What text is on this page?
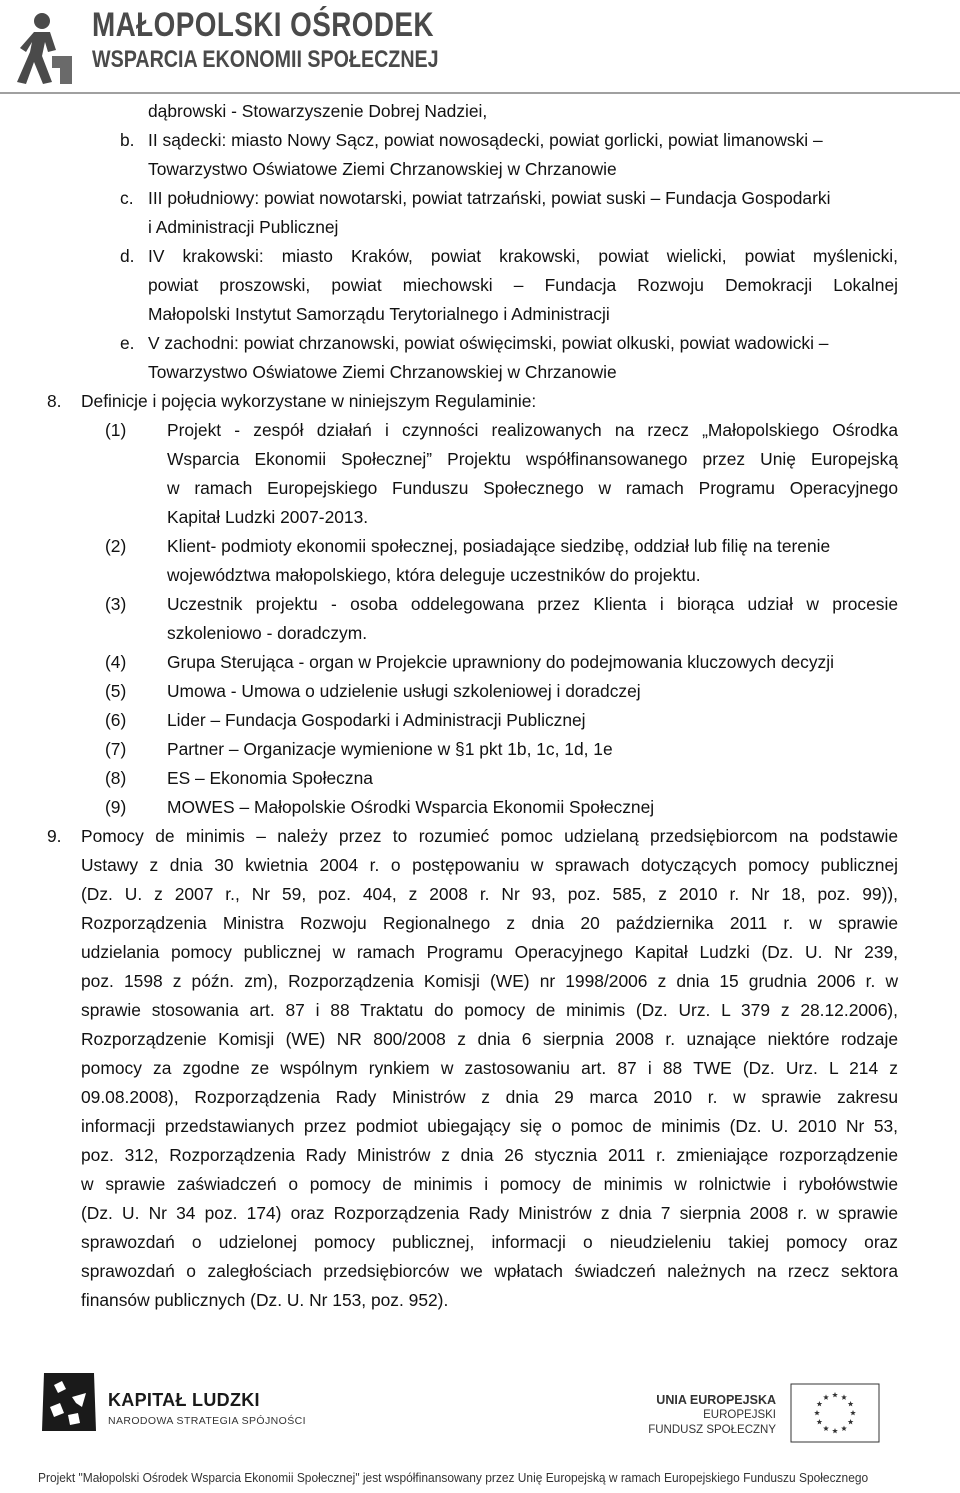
MAŁOPOLSKI OŚRODEK
WSPARCIA EKONOMII SPOŁECZNEJ
dąbrowski - Stowarzyszenie Dobrej Nadziei,
b. II sądecki: miasto Nowy Sącz, powiat nowosądecki, powiat gorlicki, powiat limanowski –
Towarzystwo Oświatowe Ziemi Chrzanowskiej w Chrzanowie
c. III południowy: powiat nowotarski, powiat tatrzański, powiat suski – Fundacja Gospodarki
i Administracji Publicznej
d. IV krakowski: miasto Kraków, powiat krakowski, powiat wielicki, powiat myślenicki,
powiat proszowski, powiat miechowski – Fundacja Rozwoju Demokracji Lokalnej
Małopolski Instytut Samorządu Terytorialnego i Administracji
e. V zachodni: powiat chrzanowski, powiat oświęcimski, powiat olkuski, powiat wadowicki –
Towarzystwo Oświatowe Ziemi Chrzanowskiej w Chrzanowie
8. Definicje i pojęcia wykorzystane w niniejszym Regulaminie:
(1) Projekt - zespół działań i czynności realizowanych na rzecz „Małopolskiego Ośrodka
Wsparcia Ekonomii Społecznej” Projektu współfinansowanego przez Unię Europejską
w ramach Europejskiego Funduszu Społecznego w ramach Programu Operacyjnego
Kapitał Ludzki 2007-2013.
(2) Klient- podmioty ekonomii społecznej, posiadające siedzibę, oddział lub filię na terenie
województwa małopolskiego, która deleguje uczestników do projektu.
(3) Uczestnik projektu - osoba oddelegowana przez Klienta i biorąca udział w procesie
szkoleniowo - doradczym.
(4) Grupa Sterująca - organ w Projekcie uprawniony do podejmowania kluczowych decyzji
(5) Umowa - Umowa o udzielenie usługi szkoleniowej i doradczej
(6) Lider – Fundacja Gospodarki i Administracji Publicznej
(7) Partner – Organizacje wymienione w §1 pkt 1b, 1c, 1d, 1e
(8) ES – Ekonomia Społeczna
(9) MOWES – Małopolskie Ośrodki Wsparcia Ekonomii Społecznej
9. Pomocy de minimis – należy przez to rozumieć pomoc udzielaną przedsiębiorcom na podstawie
Ustawy z dnia 30 kwietnia 2004 r. o postępowaniu w sprawach dotyczących pomocy publicznej
(Dz. U. z 2007 r., Nr 59, poz. 404, z 2008 r. Nr 93, poz. 585, z 2010 r. Nr 18, poz. 99)),
Rozporządzenia Ministra Rozwoju Regionalnego z dnia 20 października 2011 r. w sprawie
udzielania pomocy publicznej w ramach Programu Operacyjnego Kapitał Ludzki (Dz. U. Nr 239,
poz. 1598 z późn. zm), Rozporządzenia Komisji (WE) nr 1998/2006 z dnia 15 grudnia 2006 r. w
sprawie stosowania art. 87 i 88 Traktatu do pomocy de minimis (Dz. Urz. L 379 z 28.12.2006),
Rozporządzenie Komisji (WE) NR 800/2008 z dnia 6 sierpnia 2008 r. uznające niektóre rodzaje
pomocy za zgodne ze wspólnym rynkiem w zastosowaniu art. 87 i 88 TWE (Dz. Urz. L 214 z
09.08.2008), Rozporządzenia Rady Ministrów z dnia 29 marca 2010 r. w sprawie zakresu
informacji przedstawianych przez podmiot ubiegający się o pomoc de minimis (Dz. U. 2010 Nr 53,
poz. 312, Rozporządzenia Rady Ministrów z dnia 26 stycznia 2011 r. zmieniające rozporządzenie
w sprawie zaświadczeń o pomocy de minimis i pomocy de minimis w rolnictwie i rybołówstwie
(Dz. U. Nr 34 poz. 174) oraz Rozporządzenia Rady Ministrów z dnia 7 sierpnia 2008 r. w sprawie
sprawozdań o udzielonej pomocy publicznej, informacji o nieudzieleniu takiej pomocy oraz
sprawozdań o zaległościach przedsiębiorców we wpłatach świadczeń należnych na rzecz sektora
finansów publicznych (Dz. U. Nr 153, poz. 952).
KAPITAŁ LUDZKI
NARODOWA STRATEGIA SPÓJNOŚCI
UNIA EUROPEJSKA
EUROPEJSKI
FUNDUSZ SPOŁECZNY
Projekt "Małopolski Ośrodek Wsparcia Ekonomii Społecznej" jest współfinansowany przez Unię Europejską w ramach Europejskiego Funduszu Społecznego
